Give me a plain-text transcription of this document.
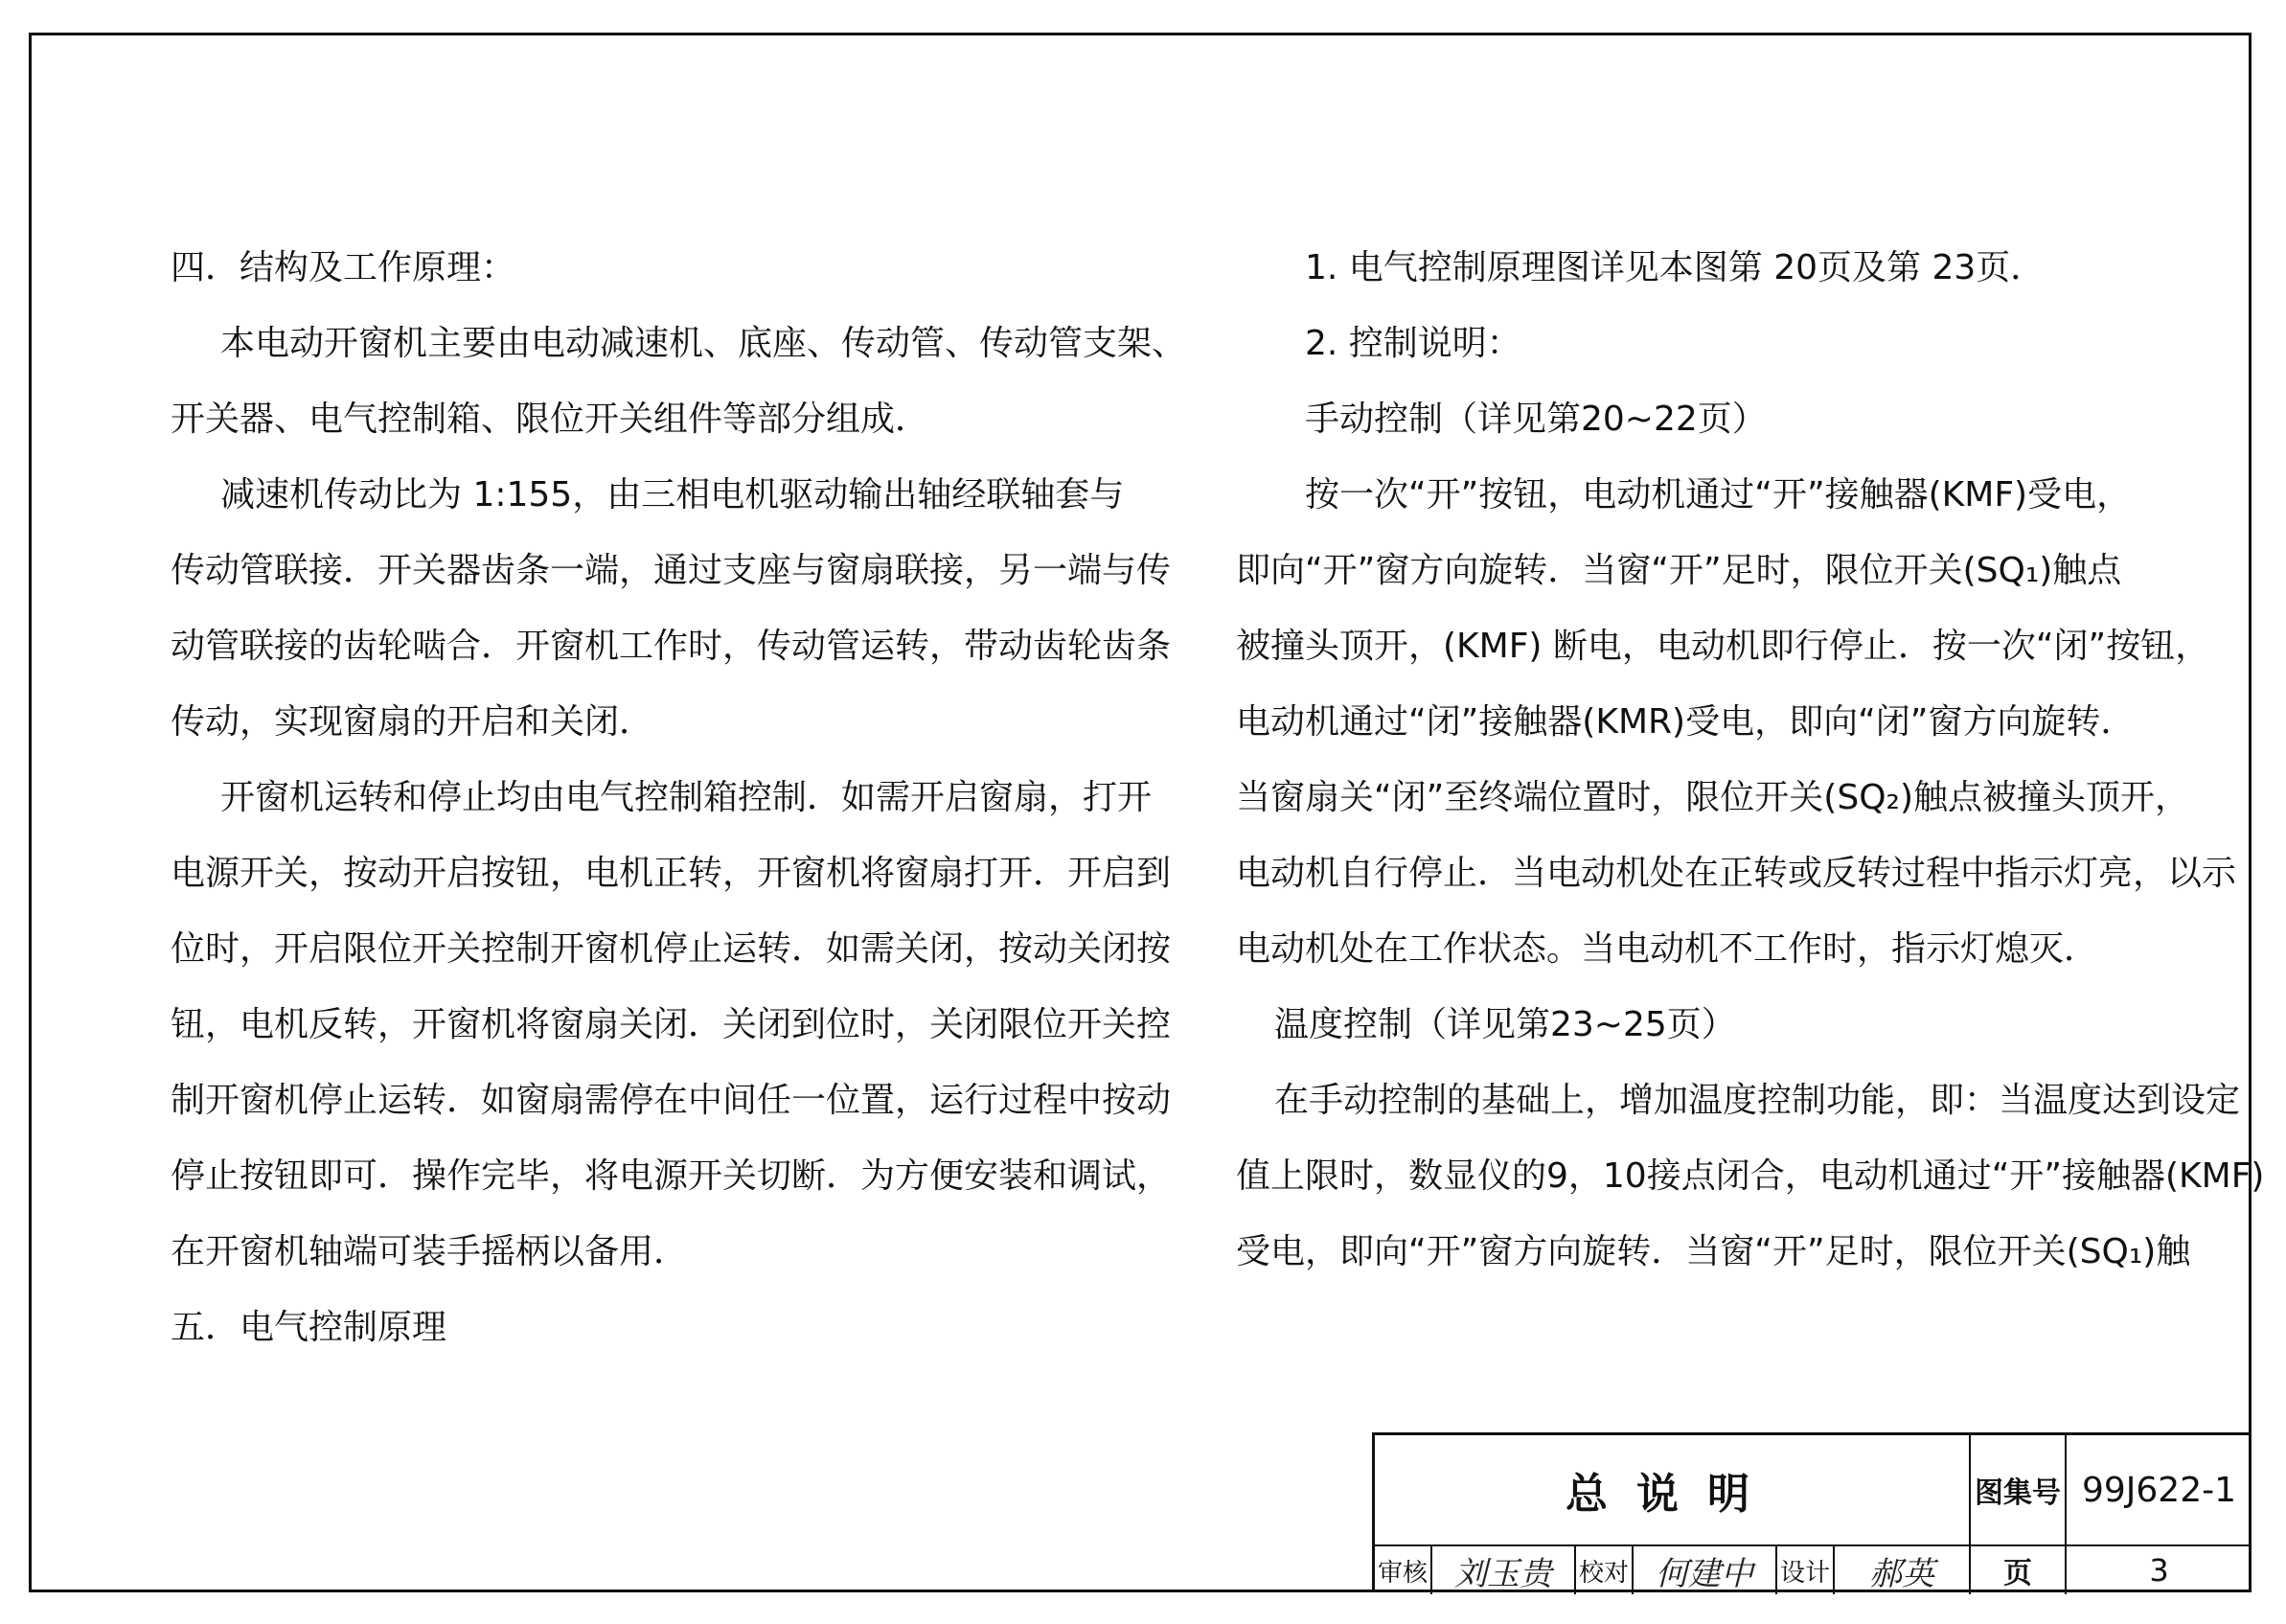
四．结构及工作原理：

本电动开窗机主要由电动减速机、底座、传动管、传动管支架、

开关器、电气控制箱、限位开关组件等部分组成．

减速机传动比为 1:155，由三相电机驱动输出轴经联轴套与

传动管联接．开关器齿条一端，通过支座与窗扇联接，另一端与传

动管联接的齿轮啮合．开窗机工作时，传动管运转，带动齿轮齿条

传动，实现窗扇的开启和关闭．

开窗机运转和停止均由电气控制箱控制．如需开启窗扇，打开

电源开关，按动开启按钮，电机正转，开窗机将窗扇打开．开启到

位时，开启限位开关控制开窗机停止运转．如需关闭，按动关闭按

钮，电机反转，开窗机将窗扇关闭．关闭到位时，关闭限位开关控

制开窗机停止运转．如窗扇需停在中间任一位置，运行过程中按动

停止按钮即可．操作完毕，将电源开关切断．为方便安装和调试，

在开窗机轴端可装手摇柄以备用．

五．电气控制原理

1. 电气控制原理图详见本图第 20页及第 23页．

2. 控制说明：

手动控制（详见第20~22页）

按一次“开”按钮，电动机通过“开”接触器(KMF)受电，

即向“开”窗方向旋转．当窗“开”足时，限位开关(SQ₁)触点

被撞头顶开，(KMF) 断电，电动机即行停止．按一次“闭”按钮，

电动机通过“闭”接触器(KMR)受电，即向“闭”窗方向旋转．

当窗扇关“闭”至终端位置时，限位开关(SQ₂)触点被撞头顶开，

电动机自行停止．当电动机处在正转或反转过程中指示灯亮，以示

电动机处在工作状态。当电动机不工作时，指示灯熄灭．

温度控制（详见第23~25页）

在手动控制的基础上，增加温度控制功能，即：当温度达到设定

值上限时，数显仪的9，10接点闭合，电动机通过“开”接触器(KMF)

受电，即向“开”窗方向旋转．当窗“开”足时，限位开关(SQ₁)触

总说明	图集号 99J622-1
审核 刘玉贵	校对 何建中	设计	郝英	页	3
